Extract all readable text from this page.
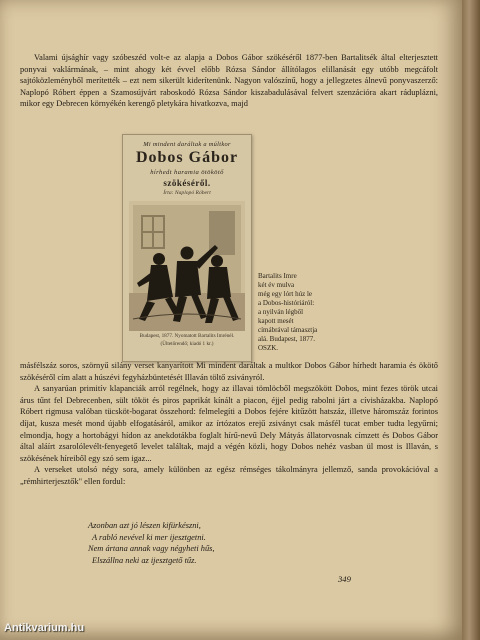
Valami újsághír vagy szóbeszéd volt-e az alapja a Dobos Gábor szökéséről 1877-ben Bartalitsék által elterjesztett ponyvai vaklármának, – mint ahogy két évvel előbb Rózsa Sándor állítólagos elillanását egy utóbb megcáfolt sajtóközleményből merítették – ezt nem sikerült kiderítenünk. Nagyon valószínű, hogy a jellegzetes álnevű ponyvaszerző: Naplopó Róbert éppen a Szamosújvárt raboskodó Rózsa Sándor kiszabadulásával felvert szenzációra akart ráduplázni, mikor egy Debrecen környékén kerengő pletykára hivatkozva, majd

Mi mindent daráltak a múltkor
Dobos Gábor
hírhedt haramia ötökötő
szökéséről.
Írta: Naplopó Róbert
Budapest, 1877. Nyomatott Bartalits Imrénél.
(Ültetőrendő; kiadó 1 kr.)
Bartalits Imre
két év mulva
még egy lórt húz le
a Dobos-históriáról:
a nyilván légből
kapott mesét
címábrával támasztja
alá. Budapest, 1877.
OSZK.

másfélszáz soros, szörnyű silány verset kanyarított Mi mindent daráltak a multkor Dobos Gábor hírhedt haramia és ökötő szökéséről cím alatt a húszévi fegyházbüntetését Illaván töltő zsiványról.

A sanyarúan primitív klapanciák arról regélnek, hogy az illavai tömlöcből megszökött Dobos, mint fezes török utcai árus tűnt fel Debrecenben, sült tököt és piros paprikát kínált a piacon, éjjel pedig rabolni járt a cívisházakba. Naplopó Róbert rigmusa valóban tücsköt-bogarat összehord: felmelegíti a Dobos fejére kitűzött hatszáz, illetve háromszáz forintos díjat, kusza mesét mond újabb elfogatásáról, amikor az írtózatos erejű zsiványt csak másfél tucat ember tudta legyűrni; elmondja, hogy a hortobágyi hídon az anekdotákba foglalt hírű-nevű Dely Mátyás állatorvosnak címzett és Dobos Gábor által aláírt zsarolólevélt-fenyegető levelet találtak, majd a végén közli, hogy Dobos nehéz vasban ül most is Illaván, s szökésének híreiből egy szó sem igaz...

A verseket utolsó négy sora, amely különben az egész rémséges tákolmányra jellemző, sanda provokációval a „rémhirterjesztők" ellen fordul:

Azonban azt jó lészen kifürkészni,
A rabló nevével ki mer ijesztgetni.
Nem ártana annak vagy négyheti hűs,
Elszállna neki az ijesztgető tűz.
349
Antikvarium.hu
